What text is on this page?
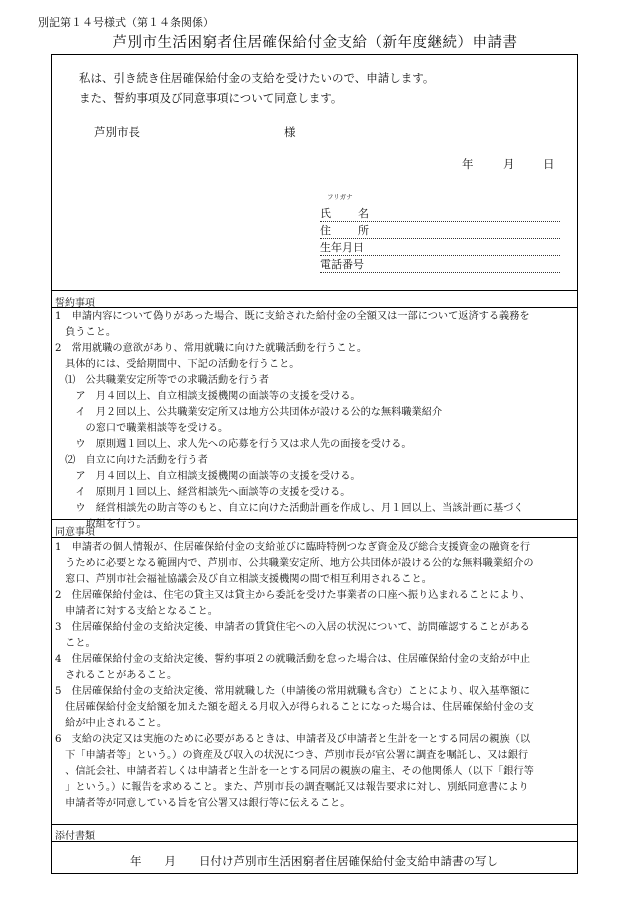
別記第１４号様式（第１４条関係）
芦別市生活困窮者住居確保給付金支給（新年度継続）申請書
私は、引き続き住居確保給付金の支給を受けたいので、申請します。
また、誓約事項及び同意事項について同意します。
芦別市長	様
年	月 日
フリガナ
氏　名
住　所
生年月日
電話番号
誓約事項
1　申請内容について偽りがあった場合、既に支給された給付金の全額又は一部について返済する義務を
　負うこと。
2　常用就職の意欲があり、常用就職に向けた就職活動を行うこと。
　具体的には、受給期間中、下記の活動を行うこと。
　⑴　公共職業安定所等での求職活動を行う者
　　ア　月４回以上、自立相談支援機関の面談等の支援を受ける。
　　イ　月２回以上、公共職業安定所又は地方公共団体が設ける公的な無料職業紹介
　　　の窓口で職業相談等を受ける。
　　ウ　原則週１回以上、求人先への応募を行う又は求人先の面接を受ける。
　⑵　自立に向けた活動を行う者
　　ア　月４回以上、自立相談支援機関の面談等の支援を受ける。
　　イ　原則月１回以上、経営相談先へ面談等の支援を受ける。
　　ウ　経営相談先の助言等のもと、自立に向けた活動計画を作成し、月１回以上、当該計画に基づく
　　　取組を行う。
同意事項
1　申請者の個人情報が、住居確保給付金の支給並びに臨時特例つなぎ資金及び総合支援資金の融資を行
　うために必要となる範囲内で、芦別市、公共職業安定所、地方公共団体が設ける公的な無料職業紹介の
　窓口、芦別市社会福祉協議会及び自立相談支援機関の間で相互利用されること。
2　住居確保給付金は、住宅の貸主又は貸主から委託を受けた事業者の口座へ振り込まれることにより、
　申請者に対する支給となること。
3　住居確保給付金の支給決定後、申請者の賃貸住宅への入居の状況について、訪問確認することがある
　こと。
4　住居確保給付金の支給決定後、誓約事項２の就職活動を怠った場合は、住居確保給付金の支給が中止
　されることがあること。
5　住居確保給付金の支給決定後、常用就職した（申請後の常用就職も含む）ことにより、収入基準額に
　住居確保給付金支給額を加えた額を超える月収入が得られることになった場合は、住居確保給付金の支
　給が中止されること。
6　支給の決定又は実施のために必要があるときは、申請者及び申請者と生計を一とする同居の親族（以
　下「申請者等」という。）の資産及び収入の状況につき、芦別市長が官公署に調査を嘱託し、又は銀行
　、信託会社、申請者若しくは申請者と生計を一とする同居の親族の雇主、その他関係人（以下「銀行等
　」という。）に報告を求めること。また、芦別市長の調査嘱託又は報告要求に対し、別紙同意書により
　申請者等が同意している旨を官公署又は銀行等に伝えること。
添付書類
年　　月　　日付け芦別市生活困窮者住居確保給付金支給申請書の写し
